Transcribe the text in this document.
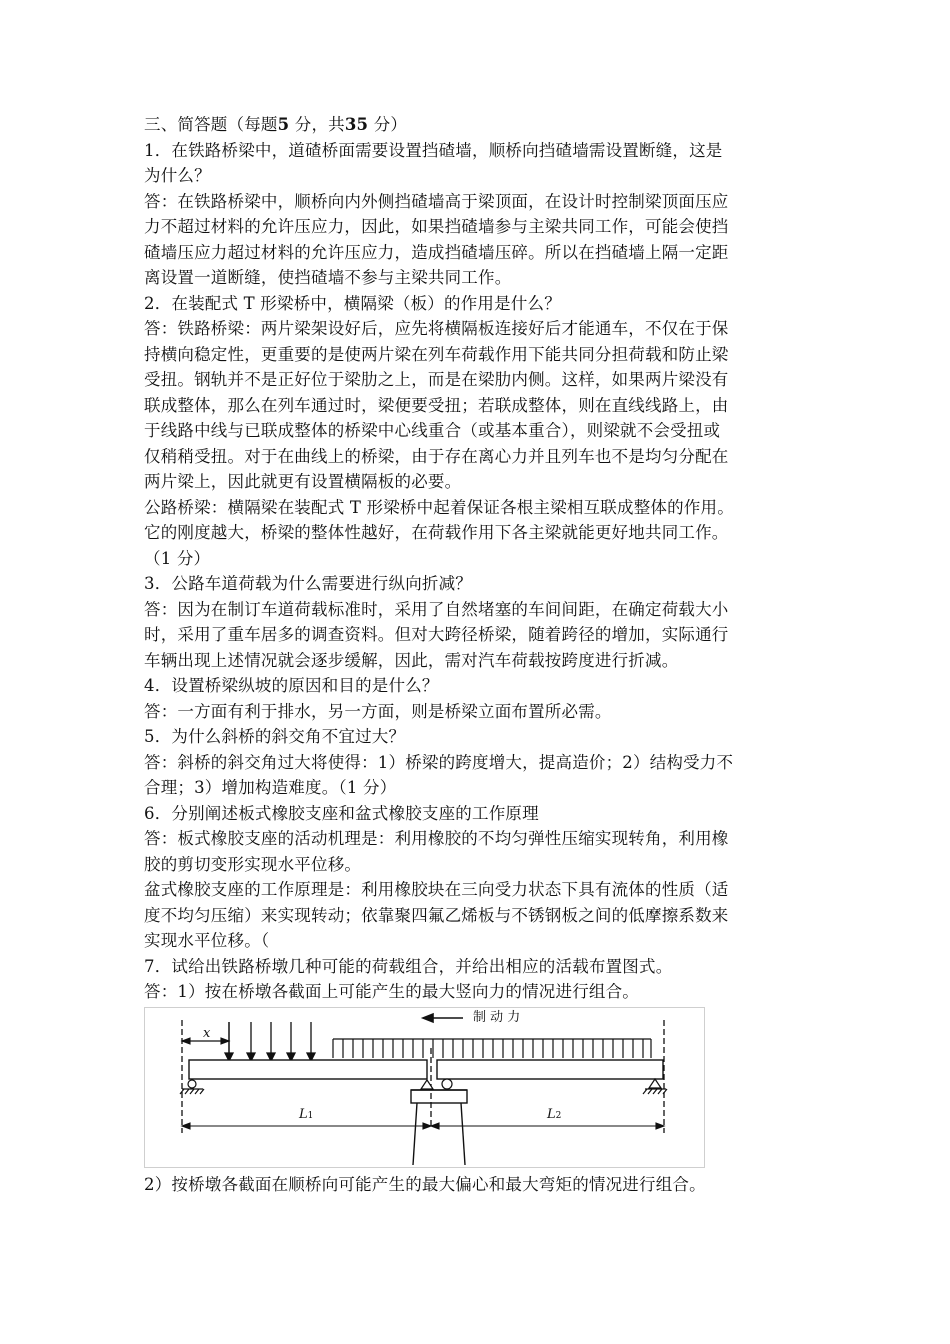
三、简答题（每题5 分，共35 分）
1．在铁路桥梁中，道碴桥面需要设置挡碴墙，顺桥向挡碴墙需设置断缝，这是
为什么？
答：在铁路桥梁中，顺桥向内外侧挡碴墙高于梁顶面，在设计时控制梁顶面压应
力不超过材料的允许压应力，因此，如果挡碴墙参与主梁共同工作，可能会使挡
碴墙压应力超过材料的允许压应力，造成挡碴墙压碎。所以在挡碴墙上隔一定距
离设置一道断缝，使挡碴墙不参与主梁共同工作。
2．在装配式 T 形梁桥中，横隔梁（板）的作用是什么？
答：铁路桥梁：两片梁架设好后，应先将横隔板连接好后才能通车，不仅在于保
持横向稳定性，更重要的是使两片梁在列车荷载作用下能共同分担荷载和防止梁
受扭。钢轨并不是正好位于梁肋之上，而是在梁肋内侧。这样，如果两片梁没有
联成整体，那么在列车通过时，梁便要受扭；若联成整体，则在直线线路上，由
于线路中线与已联成整体的桥梁中心线重合（或基本重合），则梁就不会受扭或
仅稍稍受扭。对于在曲线上的桥梁，由于存在离心力并且列车也不是均匀分配在
两片梁上，因此就更有设置横隔板的必要。
公路桥梁：横隔梁在装配式 T 形梁桥中起着保证各根主梁相互联成整体的作用。
它的刚度越大，桥梁的整体性越好，在荷载作用下各主梁就能更好地共同工作。
（1 分）
3．公路车道荷载为什么需要进行纵向折减？
答：因为在制订车道荷载标准时，采用了自然堵塞的车间间距，在确定荷载大小
时，采用了重车居多的调查资料。但对大跨径桥梁，随着跨径的增加，实际通行
车辆出现上述情况就会逐步缓解，因此，需对汽车荷载按跨度进行折减。
4．设置桥梁纵坡的原因和目的是什么？
答：一方面有利于排水，另一方面，则是桥梁立面布置所必需。
5．为什么斜桥的斜交角不宜过大？
答：斜桥的斜交角过大将使得：1）桥梁的跨度增大，提高造价；2）结构受力不
合理；3）增加构造难度。（1 分）
6．分别阐述板式橡胶支座和盆式橡胶支座的工作原理
答：板式橡胶支座的活动机理是：利用橡胶的不均匀弹性压缩实现转角，利用橡
胶的剪切变形实现水平位移。
盆式橡胶支座的工作原理是：利用橡胶块在三向受力状态下具有流体的性质（适
度不均匀压缩）来实现转动；依靠聚四氟乙烯板与不锈钢板之间的低摩擦系数来
实现水平位移。（
7．试给出铁路桥墩几种可能的荷载组合，并给出相应的活载布置图式。
答：1）按在桥墩各截面上可能产生的最大竖向力的情况进行组合。
制 动 力
x
L1	L2
2）按桥墩各截面在顺桥向可能产生的最大偏心和最大弯矩的情况进行组合。
